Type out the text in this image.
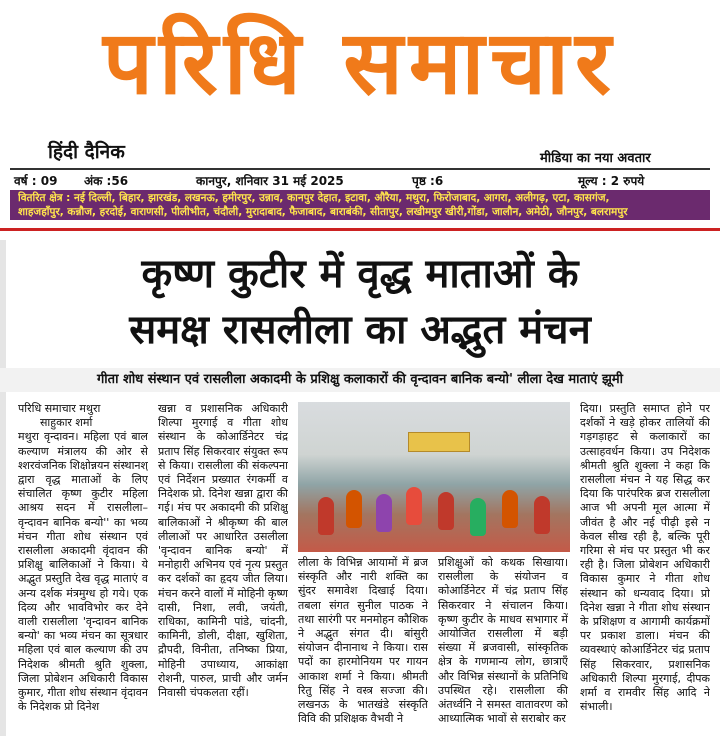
परिधि समाचार
हिंदी दैनिक	मीडिया का नया अवतार
वर्ष : 09 अंक :56	कानपुर, शनिवार 31 मई 2025	पृष्ठ :6	मूल्य : 2 रुपये
वितरित क्षेत्र : नई दिल्ली, बिहार, झारखंड, लखनऊ, हमीरपुर, उन्नाव, कानपुर देहात, इटावा, औरैया, मथुरा, फिरोजाबाद, आगरा, अलीगढ़, एटा, कासगंज,
शाहजहाँपुर, कन्नौज, हरदोई, वाराणसी, पीलीभीत, चंदौली, मुरादाबाद, फैजाबाद, बाराबंकी, सीतापुर, लखीमपुर खीरी,गोंडा, जालौन, अमेठी, जौनपुर, बलरामपुर
कृष्ण कुटीर में वृद्ध माताओं के
समक्ष रासलीला का अद्भुत मंचन
गीता शोध संस्थान एवं रासलीला अकादमी के प्रशिक्षु कलाकारों की वृन्दावन बानिक बन्यो' लीला देख माताएं झूमी

परिधि समाचार मथुरा

साहुकार शर्मा

मथुरा वृन्दावन। महिला एवं बाल कल्याण मंत्रालय की ओर से श्शरवंजनिक शिक्षोन्नयन संस्थानश् द्वारा वृद्ध माताओं के लिए संचालित कृष्ण कुटीर महिला आश्रय सदन में रासलीला– वृन्दावन बानिक बन्यो'' का भव्य मंचन गीता शोध संस्थान एवं रासलीला अकादमी वृंदावन की प्रशिक्षु बालिकाओं ने किया। ये अद्भुत प्रस्तुति देख वृद्ध माताएं व अन्य दर्शक मंत्रमुग्ध हो गये। एक दिव्य और भावविभोर कर देने वाली रासलीला 'वृन्दावन बानिक बन्यो' का भव्य मंचन का सूत्रधार महिला एवं बाल कल्याण की उप निदेशक श्रीमती श्रुति शुक्ला, जिला प्रोबेशन अधिकारी विकास कुमार, गीता शोध संस्थान वृंदावन के निदेशक प्रो दिनेश

खन्ना व प्रशासनिक अधिकारी शिल्पा मुरगाई व गीता शोध संस्थान के कोआर्डिनेटर चंद्र प्रताप सिंह सिकरवार संयुक्त रूप से किया। रासलीला की संकल्पना एवं निर्देशन प्रख्यात रंगकर्मी व निदेशक प्रो. दिनेश खन्ना द्वारा की गई। मंच पर अकादमी की प्रशिक्षु बालिकाओं ने श्रीकृष्ण की बाल लीलाओं पर आधारित उसलीला 'वृन्दावन बानिक बन्यो' में मनोहारी अभिनय एवं नृत्य प्रस्तुत कर दर्शकों का हृदय जीत लिया। मंचन करने वालों में मोहिनी कृष्ण दासी, निशा, लवी, जयंती, राधिका, कामिनी पांडे, चांदनी, कामिनी, डोली, दीक्षा, खुशिता, द्रौपदी, विनीता, तनिष्का प्रिया, मोहिनी उपाध्याय, आकांक्षा रोशनी, पारुल, प्राची और जर्मन निवासी चंपकलता रहीं।

लीला के विभिन्न आयामों में ब्रज संस्कृति और नारी शक्ति का सुंदर समावेश दिखाई दिया। तबला संगत सुनील पाठक ने तथा सारंगी पर मनमोहन कौशिक ने अद्भुत संगत दी। बांसुरी संयोजन दीनानाथ ने किया। रास पदों का हारमोनियम पर गायन आकाश शर्मा ने किया। श्रीमती रितु सिंह ने वस्त्र सज्जा की। लखनऊ के भातखंडे संस्कृति विवि की प्रशिक्षक वैभवी ने

प्रशिक्षुओं को कथक सिखाया। रासलीला के संयोजन व कोआर्डिनेटर में चंद्र प्रताप सिंह सिकरवार ने संचालन किया। कृष्ण कुटीर के माधव सभागार में आयोजित रासलीला में बड़ी संख्या में ब्रजवासी, सांस्कृतिक क्षेत्र के गणमान्य लोग, छात्राएँ और विभिन्न संस्थानों के प्रतिनिधि उपस्थित रहे। रासलीला की अंतर्ध्वनि ने समस्त वातावरण को आध्यात्मिक भावों से सराबोर कर

दिया। प्रस्तुति समाप्त होने पर दर्शकों ने खड़े होकर तालियों की गड़गड़ाहट से कलाकारों का उत्साहवर्धन किया। उप निदेशक श्रीमती श्रुति शुक्ला ने कहा कि रासलीला मंचन ने यह सिद्ध कर दिया कि पारंपरिक ब्रज रासलीला आज भी अपनी मूल आत्मा में जीवंत है और नई पीढ़ी इसे न केवल सीख रही है, बल्कि पूरी गरिमा से मंच पर प्रस्तुत भी कर रही है। जिला प्रोबेशन अधिकारी विकास कुमार ने गीता शोध संस्थान को धन्यवाद दिया। प्रो दिनेश खन्ना ने गीता शोध संस्थान के प्रशिक्षण व आगामी कार्यक्रमों पर प्रकाश डाला। मंचन की व्यवस्थाएं कोआर्डिनेटर चंद्र प्रताप सिंह सिकरवार, प्रशासनिक अधिकारी शिल्पा मुरगाई, दीपक शर्मा व रामवीर सिंह आदि ने संभाली।
